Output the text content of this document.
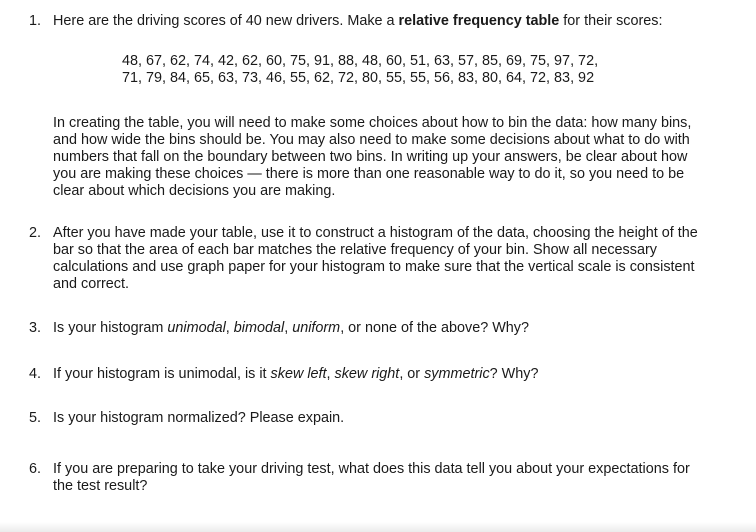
1. Here are the driving scores of 40 new drivers. Make a relative frequency table for their scores:

48, 67, 62, 74, 42, 62, 60, 75, 91, 88, 48, 60, 51, 63, 57, 85, 69, 75, 97, 72,

71, 79, 84, 65, 63, 73, 46, 55, 62, 72, 80, 55, 55, 56, 83, 80, 64, 72, 83, 92

In creating the table, you will need to make some choices about how to bin the data: how many bins,

and how wide the bins should be. You may also need to make some decisions about what to do with

numbers that fall on the boundary between two bins. In writing up your answers, be clear about how

you are making these choices — there is more than one reasonable way to do it, so you need to be

clear about which decisions you are making.

2. After you have made your table, use it to construct a histogram of the data, choosing the height of the

bar so that the area of each bar matches the relative frequency of your bin. Show all necessary

calculations and use graph paper for your histogram to make sure that the vertical scale is consistent

and correct.

3. Is your histogram unimodal, bimodal, uniform, or none of the above? Why?
4. If your histogram is unimodal, is it skew left, skew right, or symmetric? Why?
5. Is your histogram normalized? Please expain.
6. If you are preparing to take your driving test, what does this data tell you about your expectations for

the test result?
